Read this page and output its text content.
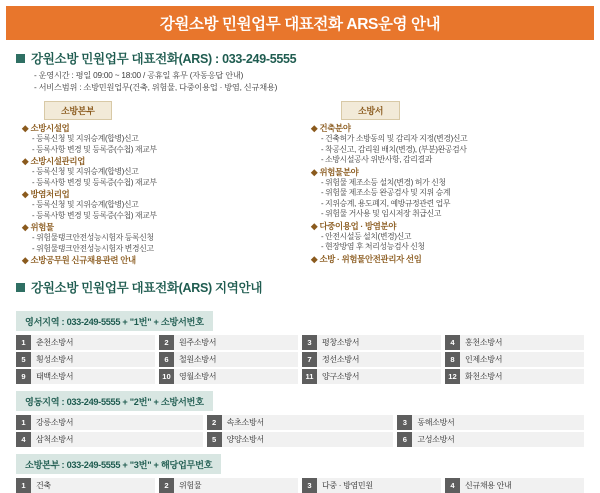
강원소방 민원업무 대표전화 ARS운영 안내
강원소방 민원업무 대표전화(ARS) : 033-249-5555
- 운영시간 : 평일 09:00 ~ 18:00 / 공휴일 휴무 (자동응답 안내)
- 서비스범위 : 소방민원업무(건축, 위험물, 다중이용업 · 방염, 신규채용)
소방본부
◆ 소방시설업
- 등록신청 및 지위승계(합병)신고
- 등록사항 변경 및 등록증(수첩) 재교부
◆ 소방시설관리업
- 등록신청 및 지위승계(합병)신고
- 등록사항 변경 및 등록증(수첩) 재교부
◆ 방염처리업
- 등록신청 및 지위승계(합병)신고
- 등록사항 변경 및 등록증(수첩) 재교부
◆ 위험물
- 위험물탱크안전성능시험자 등록신청
- 위험물탱크안전성능시험자 변경신고
◆ 소방공무원 신규채용관련 안내
소방서
◆ 건축분야
- 건축허가 소방동의 및 감리자 지정(변경)신고
- 착공신고, 감리원 배치(변경), (부분)완공검사
- 소방시설공사 위반사항, 감리결과
◆ 위험물분야
- 위험물 제조소등 설치(변경) 허가 신청
- 위험물 제조소등 완공검사 및 지위 승계
- 지위승계, 용도폐지, 예방규정관련 업무
- 위험물 거사용 및 임시저장 취급신고
◆ 다중이용업 · 방염분야
- 안전시설등 설치(변경)신고
- 현장방염 후 처리성능검사 신청
◆ 소방 · 위험물안전관리자 선임
강원소방 민원업무 대표전화(ARS) 지역안내
영서지역 : 033-249-5555 + "1번" + 소방서번호
1	춘천소방서	2	원주소방서	3	평창소방서	4	홍천소방서
5	횡성소방서	6	철원소방서	7	정선소방서	8	인제소방서
9	태백소방서	10	영월소방서	11	양구소방서	12	화천소방서
영동지역 : 033-249-5555 + "2번" + 소방서번호
1	강릉소방서	2	속초소방서	3	동해소방서
4	삼척소방서	5	양양소방서	6	고성소방서
소방본부 : 033-249-5555 + "3번" + 해당업무번호
1	건축	2	위험물	3	다중 · 방염민원	4	신규채용 안내
